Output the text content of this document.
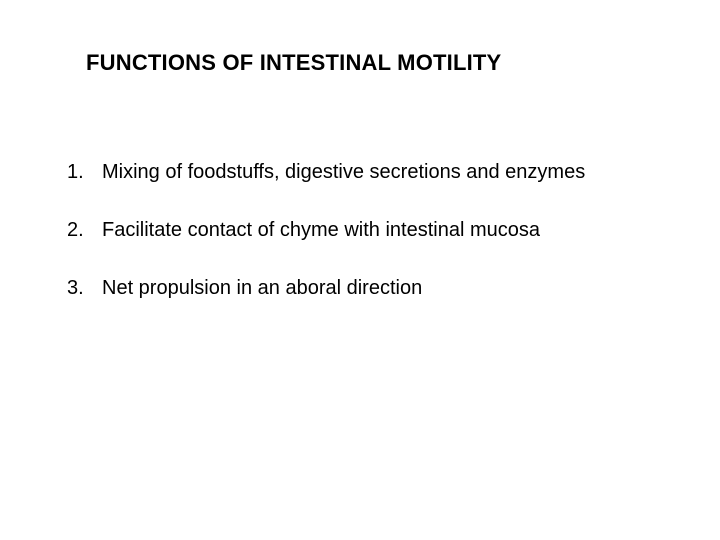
FUNCTIONS OF INTESTINAL MOTILITY
1. Mixing of foodstuffs, digestive secretions and enzymes
2. Facilitate contact of chyme with intestinal mucosa
3. Net propulsion in an aboral direction
